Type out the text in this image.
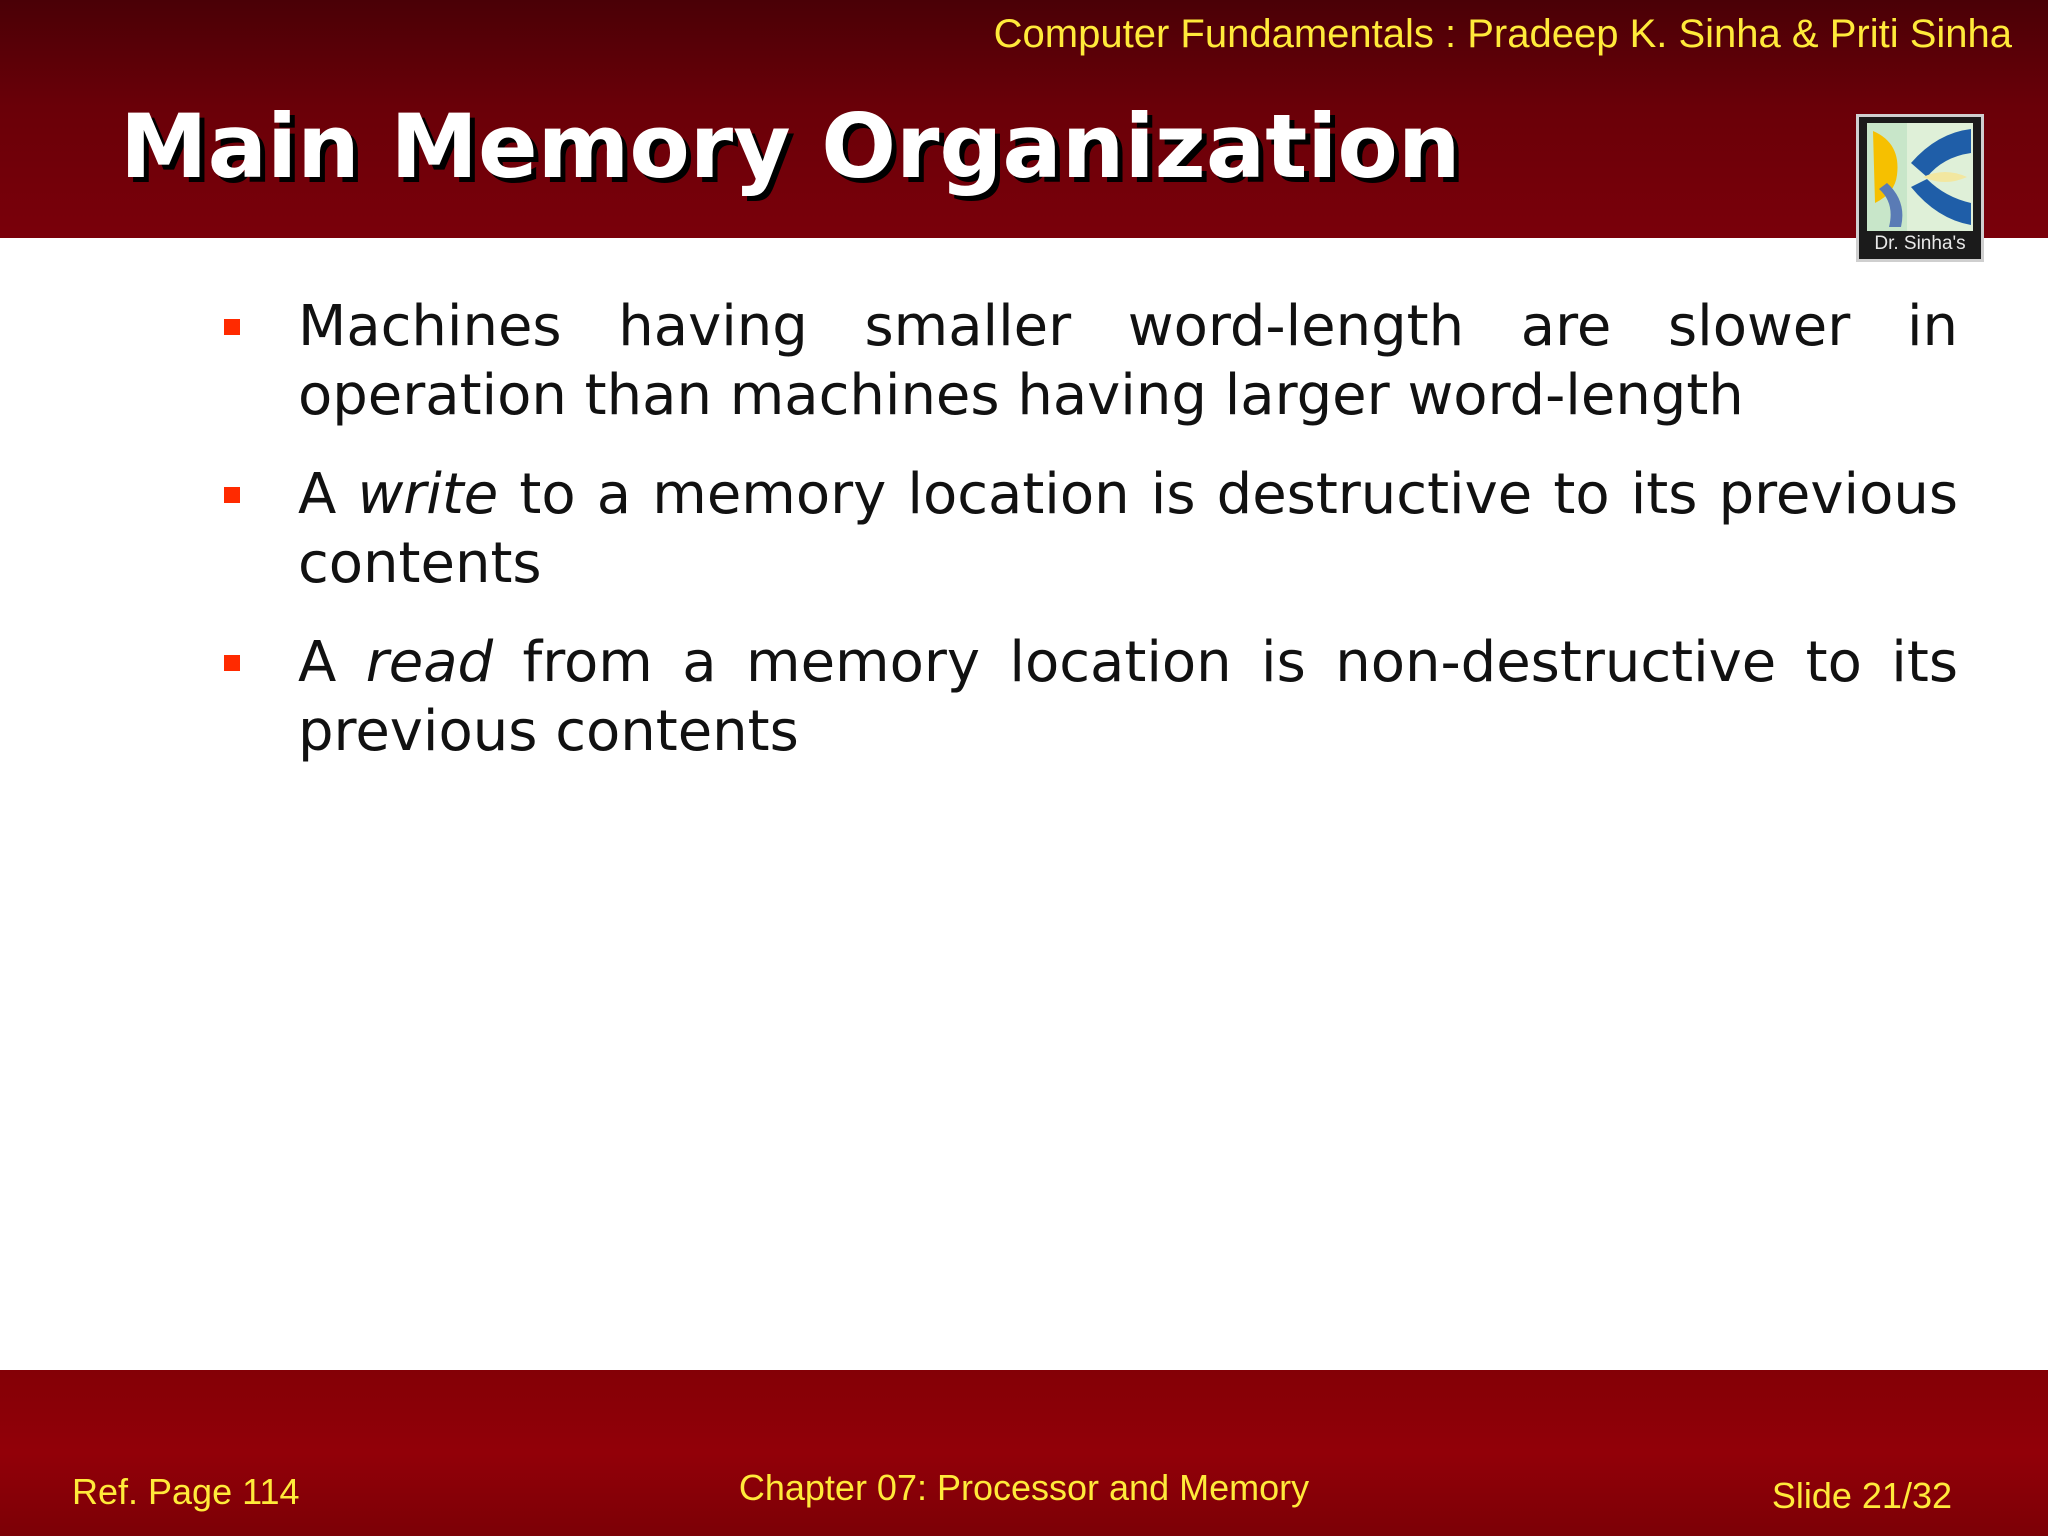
Computer Fundamentals : Pradeep K. Sinha & Priti Sinha
Main Memory Organization
Dr. Sinha's
Machines having smaller word-length are slower in operation than machines having larger word-length
A write to a memory location is destructive to its previous contents
A read from a memory location is non-destructive to its previous contents
Ref. Page 114	Chapter 07: Processor and Memory	Slide 21/32
